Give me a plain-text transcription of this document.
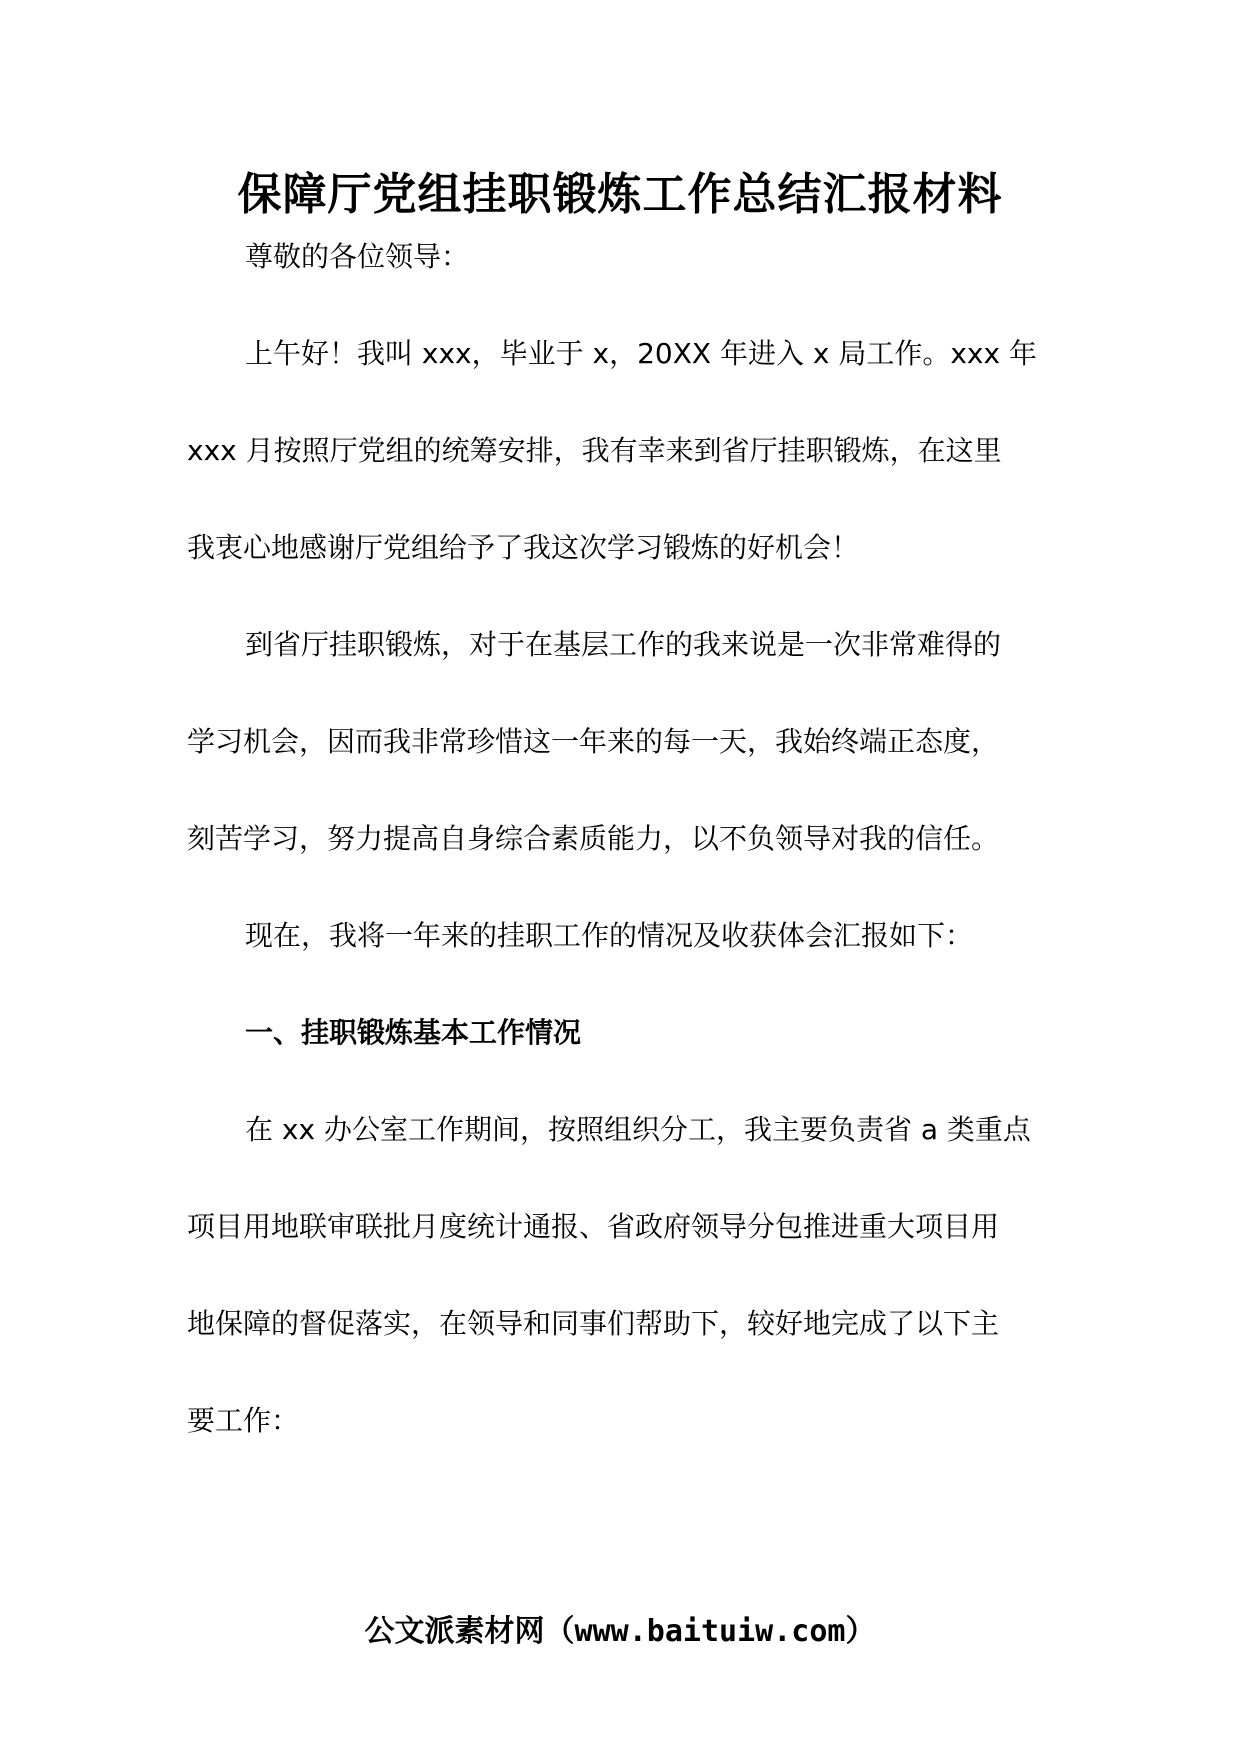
保障厅党组挂职锻炼工作总结汇报材料
尊敬的各位领导：
上午好！我叫 xxx，毕业于 x，20XX 年进入 x 局工作。xxx 年
xxx 月按照厅党组的统筹安排，我有幸来到省厅挂职锻炼，在这里
我衷心地感谢厅党组给予了我这次学习锻炼的好机会！
到省厅挂职锻炼，对于在基层工作的我来说是一次非常难得的
学习机会，因而我非常珍惜这一年来的每一天，我始终端正态度，
刻苦学习，努力提高自身综合素质能力，以不负领导对我的信任。
现在，我将一年来的挂职工作的情况及收获体会汇报如下：
一、挂职锻炼基本工作情况
在 xx 办公室工作期间，按照组织分工，我主要负责省 a 类重点
项目用地联审联批月度统计通报、省政府领导分包推进重大项目用
地保障的督促落实，在领导和同事们帮助下，较好地完成了以下主
要工作：
公文派素材网（www.baituiw.com）
